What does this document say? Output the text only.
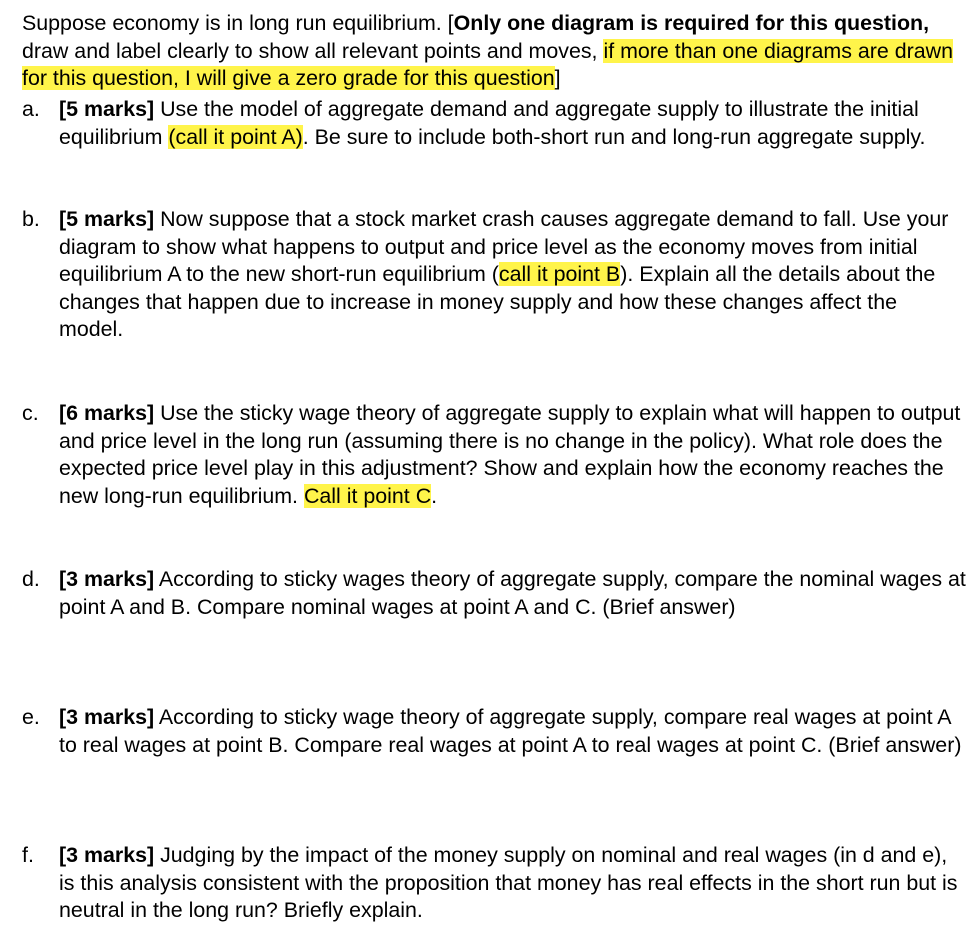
Suppose economy is in long run equilibrium. [Only one diagram is required for this question, draw and label clearly to show all relevant points and moves, if more than one diagrams are drawn for this question, I will give a zero grade for this question]

a. [5 marks] Use the model of aggregate demand and aggregate supply to illustrate the initial equilibrium (call it point A). Be sure to include both-short run and long-run aggregate supply.
b. [5 marks] Now suppose that a stock market crash causes aggregate demand to fall. Use your diagram to show what happens to output and price level as the economy moves from initial equilibrium A to the new short-run equilibrium (call it point B). Explain all the details about the changes that happen due to increase in money supply and how these changes affect the model.
c. [6 marks] Use the sticky wage theory of aggregate supply to explain what will happen to output and price level in the long run (assuming there is no change in the policy). What role does the expected price level play in this adjustment? Show and explain how the economy reaches the new long-run equilibrium. Call it point C.
d. [3 marks] According to sticky wages theory of aggregate supply, compare the nominal wages at point A and B. Compare nominal wages at point A and C. (Brief answer)
e. [3 marks] According to sticky wage theory of aggregate supply, compare real wages at point A to real wages at point B. Compare real wages at point A to real wages at point C. (Brief answer)
f.	[3 marks] Judging by the impact of the money supply on nominal and real wages (in d and e), is this analysis consistent with the proposition that money has real effects in the short run but is neutral in the long run? Briefly explain.
